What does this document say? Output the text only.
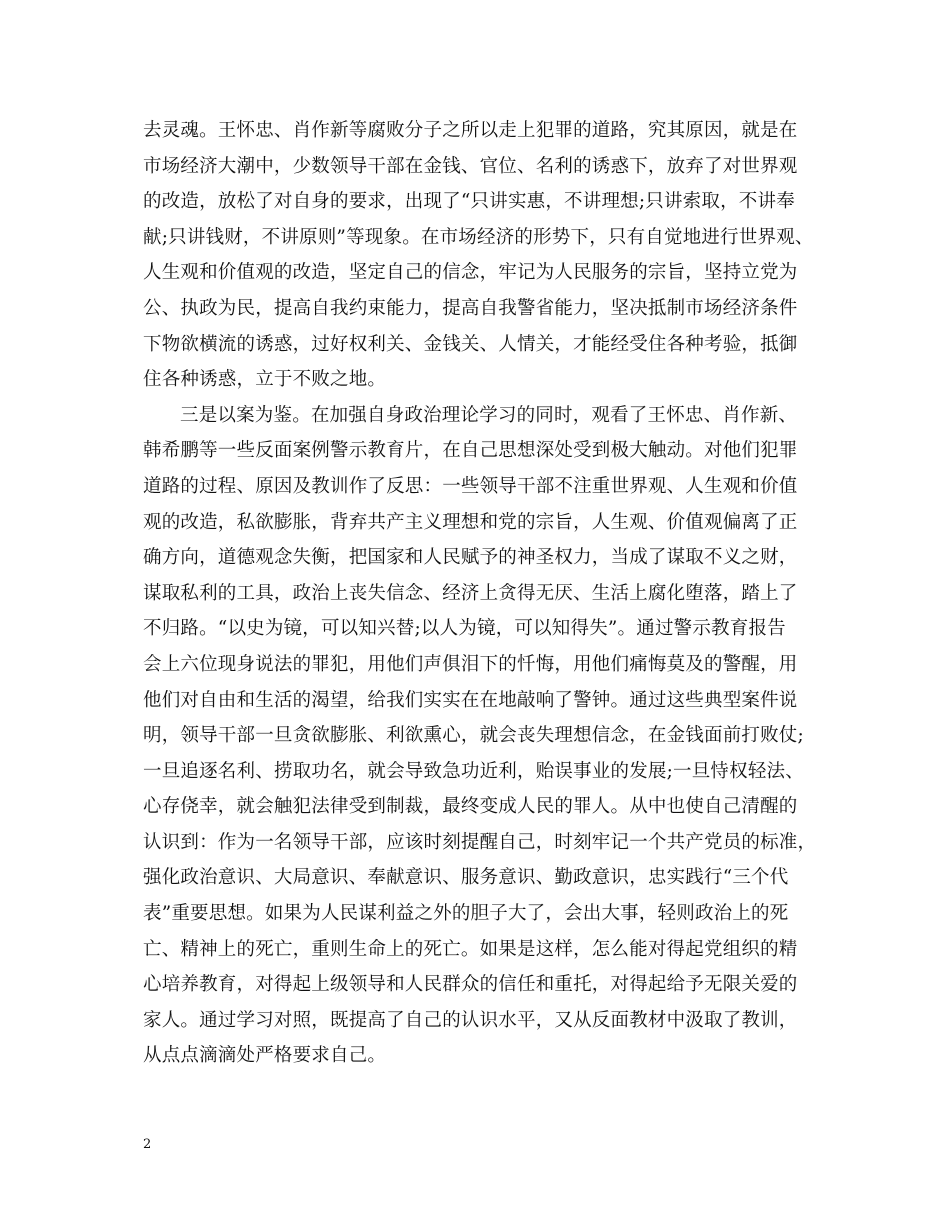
去灵魂。王怀忠、肖作新等腐败分子之所以走上犯罪的道路，究其原因，就是在
市场经济大潮中，少数领导干部在金钱、官位、名利的诱惑下，放弃了对世界观
的改造，放松了对自身的要求，出现了“只讲实惠，不讲理想;只讲索取，不讲奉
献;只讲钱财，不讲原则”等现象。在市场经济的形势下，只有自觉地进行世界观、
人生观和价值观的改造，坚定自己的信念，牢记为人民服务的宗旨，坚持立党为
公、执政为民，提高自我约束能力，提高自我警省能力，坚决抵制市场经济条件
下物欲横流的诱惑，过好权利关、金钱关、人情关，才能经受住各种考验，抵御
住各种诱惑，立于不败之地。
三是以案为鉴。在加强自身政治理论学习的同时，观看了王怀忠、肖作新、
韩希鹏等一些反面案例警示教育片，在自己思想深处受到极大触动。对他们犯罪
道路的过程、原因及教训作了反思：一些领导干部不注重世界观、人生观和价值
观的改造，私欲膨胀，背弃共产主义理想和党的宗旨，人生观、价值观偏离了正
确方向，道德观念失衡，把国家和人民赋予的神圣权力，当成了谋取不义之财，
谋取私利的工具，政治上丧失信念、经济上贪得无厌、生活上腐化堕落，踏上了
不归路。“以史为镜，可以知兴替;以人为镜，可以知得失”。通过警示教育报告
会上六位现身说法的罪犯，用他们声俱泪下的忏悔，用他们痛悔莫及的警醒，用
他们对自由和生活的渴望，给我们实实在在地敲响了警钟。通过这些典型案件说
明，领导干部一旦贪欲膨胀、利欲熏心，就会丧失理想信念，在金钱面前打败仗;
一旦追逐名利、捞取功名，就会导致急功近利，贻误事业的发展;一旦恃权轻法、
心存侥幸，就会触犯法律受到制裁，最终变成人民的罪人。从中也使自己清醒的
认识到：作为一名领导干部，应该时刻提醒自己，时刻牢记一个共产党员的标准，
强化政治意识、大局意识、奉献意识、服务意识、勤政意识，忠实践行“三个代
表”重要思想。如果为人民谋利益之外的胆子大了，会出大事，轻则政治上的死
亡、精神上的死亡，重则生命上的死亡。如果是这样，怎么能对得起党组织的精
心培养教育，对得起上级领导和人民群众的信任和重托，对得起给予无限关爱的
家人。通过学习对照，既提高了自己的认识水平，又从反面教材中汲取了教训，
从点点滴滴处严格要求自己。
2
